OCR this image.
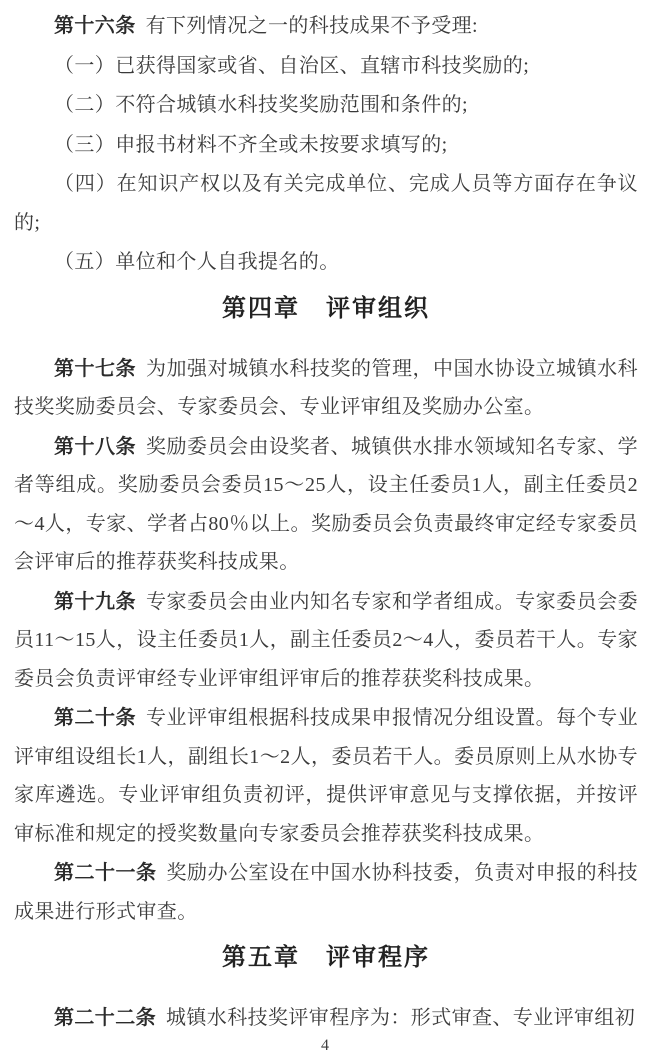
第十六条 有下列情况之一的科技成果不予受理:

（一）已获得国家或省、自治区、直辖市科技奖励的;

（二）不符合城镇水科技奖奖励范围和条件的;

（三）申报书材料不齐全或未按要求填写的;

（四）在知识产权以及有关完成单位、完成人员等方面存在争议的;

（五）单位和个人自我提名的。

第四章　评审组织

第十七条 为加强对城镇水科技奖的管理，中国水协设立城镇水科技奖奖励委员会、专家委员会、专业评审组及奖励办公室。

第十八条 奖励委员会由设奖者、城镇供水排水领域知名专家、学者等组成。奖励委员会委员15～25人，设主任委员1人，副主任委员2～4人，专家、学者占80％以上。奖励委员会负责最终审定经专家委员会评审后的推荐获奖科技成果。

第十九条 专家委员会由业内知名专家和学者组成。专家委员会委员11～15人，设主任委员1人，副主任委员2～4人，委员若干人。专家委员会负责评审经专业评审组评审后的推荐获奖科技成果。

第二十条 专业评审组根据科技成果申报情况分组设置。每个专业评审组设组长1人，副组长1～2人，委员若干人。委员原则上从水协专家库遴选。专业评审组负责初评，提供评审意见与支撑依据，并按评审标准和规定的授奖数量向专家委员会推荐获奖科技成果。

第二十一条 奖励办公室设在中国水协科技委，负责对申报的科技成果进行形式审查。

第五章　评审程序

第二十二条 城镇水科技奖评审程序为：形式审查、专业评审组初

4
